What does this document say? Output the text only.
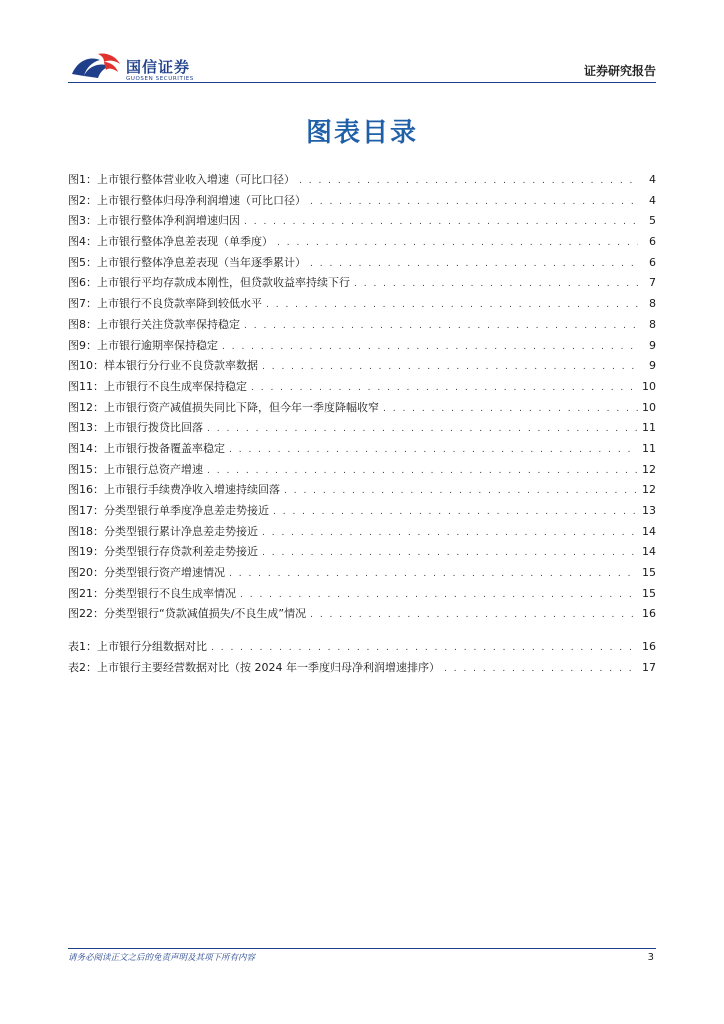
国信证券
GUOSEN SECURITIES
证券研究报告
图表目录
图1： 上市银行整体营业收入增速（可比口径） . . .	4
图2： 上市银行整体归母净利润增速（可比口径） . . .	4
图3： 上市银行整体净利润增速归因 . . .	5
图4： 上市银行整体净息差表现（单季度） . . .	6
图5： 上市银行整体净息差表现（当年逐季累计） . . .	6
图6： 上市银行平均存款成本刚性，但贷款收益率持续下行 . . .	7
图7： 上市银行不良贷款率降到较低水平 . . .	8
图8： 上市银行关注贷款率保持稳定 . . .	8
图9： 上市银行逾期率保持稳定 . . .	9
图10： 样本银行分行业不良贷款率数据 . . .	9
图11： 上市银行不良生成率保持稳定 . . .	10
图12： 上市银行资产减值损失同比下降，但今年一季度降幅收窄 . . .	10
图13： 上市银行拨贷比回落 . . .	11
图14： 上市银行拨备覆盖率稳定 . . .	11
图15： 上市银行总资产增速 . . .	12
图16： 上市银行手续费净收入增速持续回落 . . .	12
图17： 分类型银行单季度净息差走势接近 . . .	13
图18： 分类型银行累计净息差走势接近 . . .	14
图19： 分类型银行存贷款利差走势接近 . . .	14
图20： 分类型银行资产增速情况 . . .	15
图21： 分类型银行不良生成率情况 . . .	15
图22： 分类型银行“贷款减值损失/不良生成”情况 . . .	16
表1： 上市银行分组数据对比 . . .	16
表2： 上市银行主要经营数据对比（按 2024 年一季度归母净利润增速排序） . . .	17
请务必阅读正文之后的免责声明及其项下所有内容	3
